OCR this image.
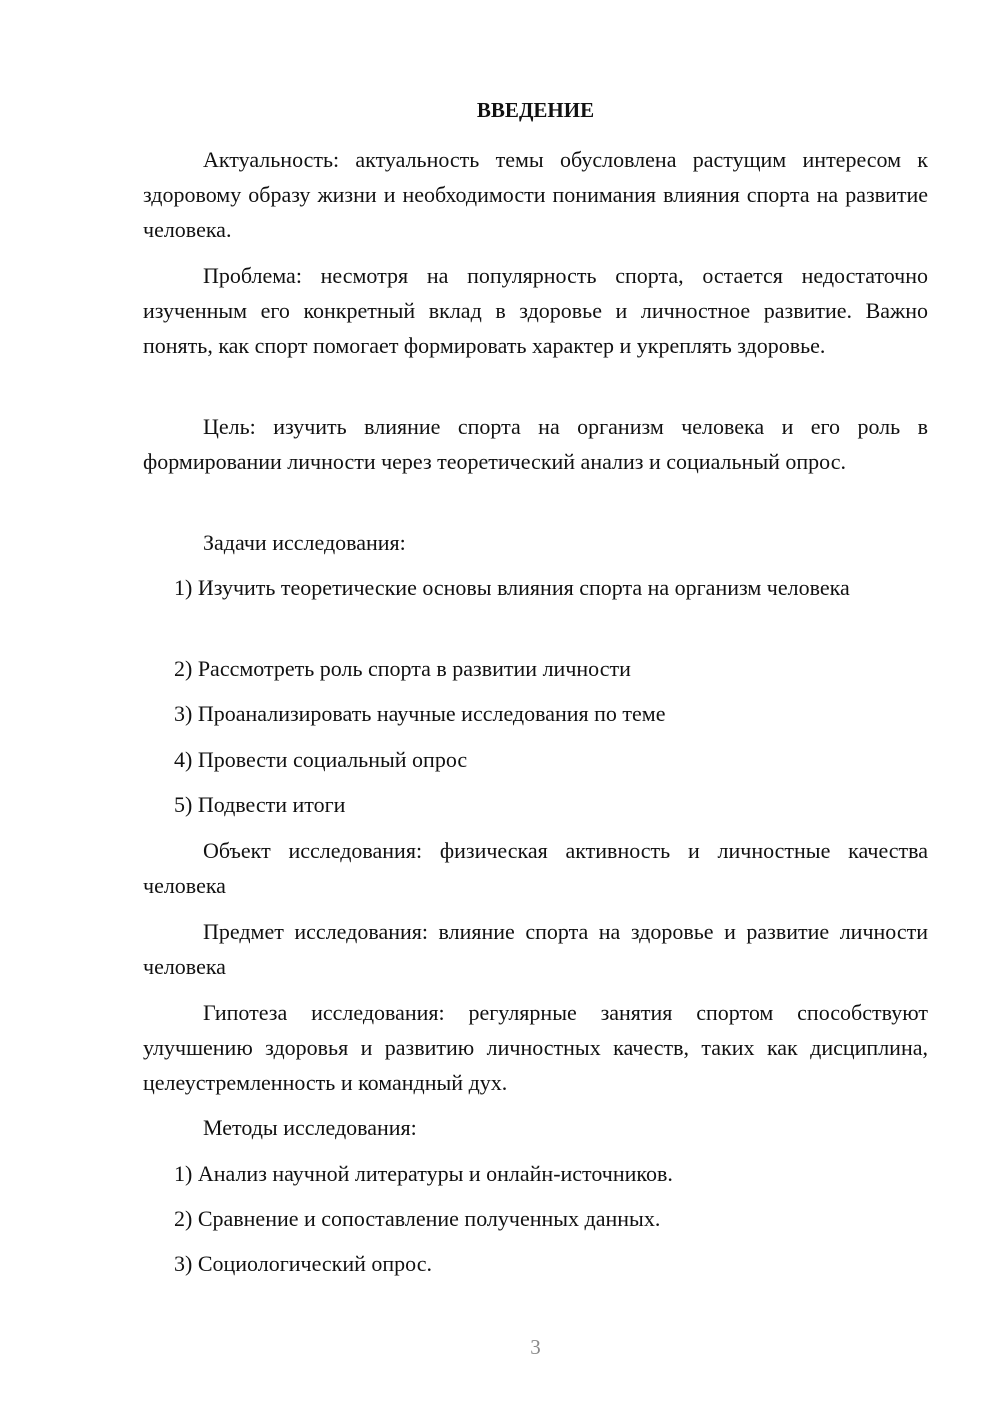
ВВЕДЕНИЕ
Актуальность: актуальность темы обусловлена растущим интересом к здоровому образу жизни и необходимости понимания влияния спорта на развитие человека.
Проблема: несмотря на популярность спорта, остается недостаточно изученным его конкретный вклад в здоровье и личностное развитие. Важно понять, как спорт помогает формировать характер и укреплять здоровье.
Цель: изучить влияние спорта на организм человека и его роль в формировании личности через теоретический анализ и социальный опрос.
Задачи исследования:
1) Изучить теоретические основы влияния спорта на организм человека
2) Рассмотреть роль спорта в развитии личности
3) Проанализировать научные исследования по теме
4) Провести социальный опрос
5) Подвести итоги
Объект исследования: физическая активность и личностные качества человека
Предмет исследования: влияние спорта на здоровье и развитие личности человека
Гипотеза исследования: регулярные занятия спортом способствуют улучшению здоровья и развитию личностных качеств, таких как дисциплина, целеустремленность и командный дух.
Методы исследования:
1) Анализ научной литературы и онлайн-источников.
2) Сравнение и сопоставление полученных данных.
3) Социологический опрос.
3
